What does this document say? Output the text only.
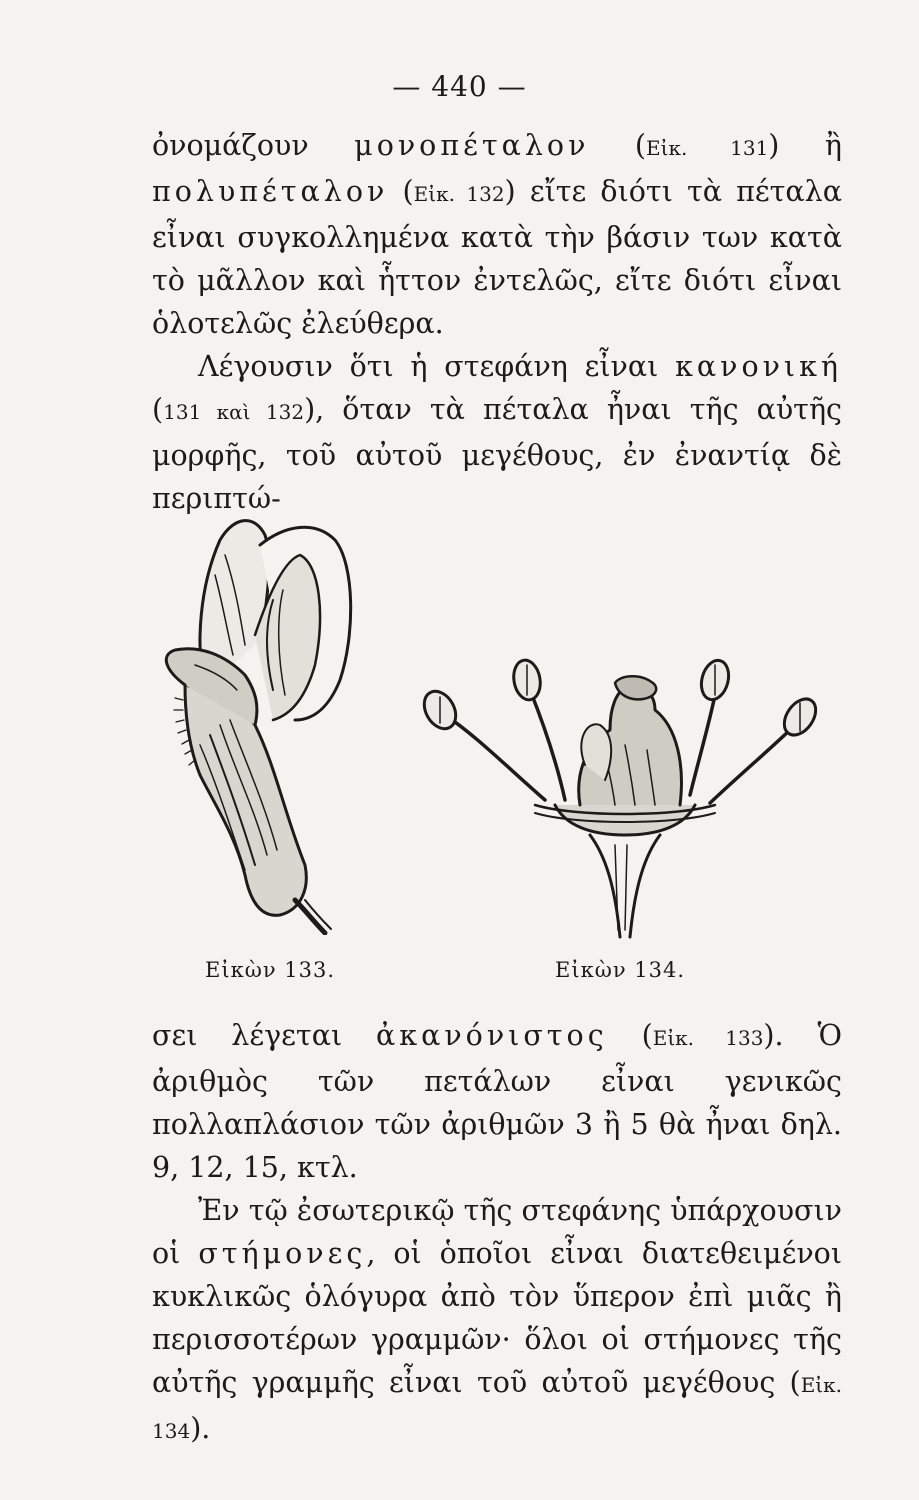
— 440 —

ὀνομάζουν μονοπέταλον (Εἰκ. 131) ἢ πολυπέταλον (Εἰκ. 132) εἴτε διότι τὰ πέταλα εἶναι συγκολλημένα κατὰ τὴν βάσιν των κατὰ τὸ μᾶλλον καὶ ἧττον ἐντελῶς, εἴτε διότι εἶναι ὁλοτελῶς ἐλεύθερα.

Λέγουσιν ὅτι ἡ στεφάνη εἶναι κανονική (131 καὶ 132), ὅταν τὰ πέταλα ἦναι τῆς αὐτῆς μορφῆς, τοῦ αὐτοῦ μεγέθους, ἐν ἐναντίᾳ δὲ περιπτώ-

Εἰκὼν 133.	Εἰκὼν 134.

σει λέγεται ἀκανόνιστος (Εἰκ. 133). Ὁ ἀριθμὸς τῶν πετάλων εἶναι γενικῶς πολλαπλάσιον τῶν ἀριθμῶν 3 ἢ 5 θὰ ἦναι δηλ. 9, 12, 15, κτλ.

Ἐν τῷ ἐσωτερικῷ τῆς στεφάνης ὑπάρχουσιν οἱ στήμονες, οἱ ὁποῖοι εἶναι διατεθειμένοι κυκλικῶς ὁλόγυρα ἀπὸ τὸν ὕπερον ἐπὶ μιᾶς ἢ περισσοτέρων γραμμῶν· ὅλοι οἱ στήμονες τῆς αὐτῆς γραμμῆς εἶναι τοῦ αὐτοῦ μεγέθους (Εἰκ. 134).
